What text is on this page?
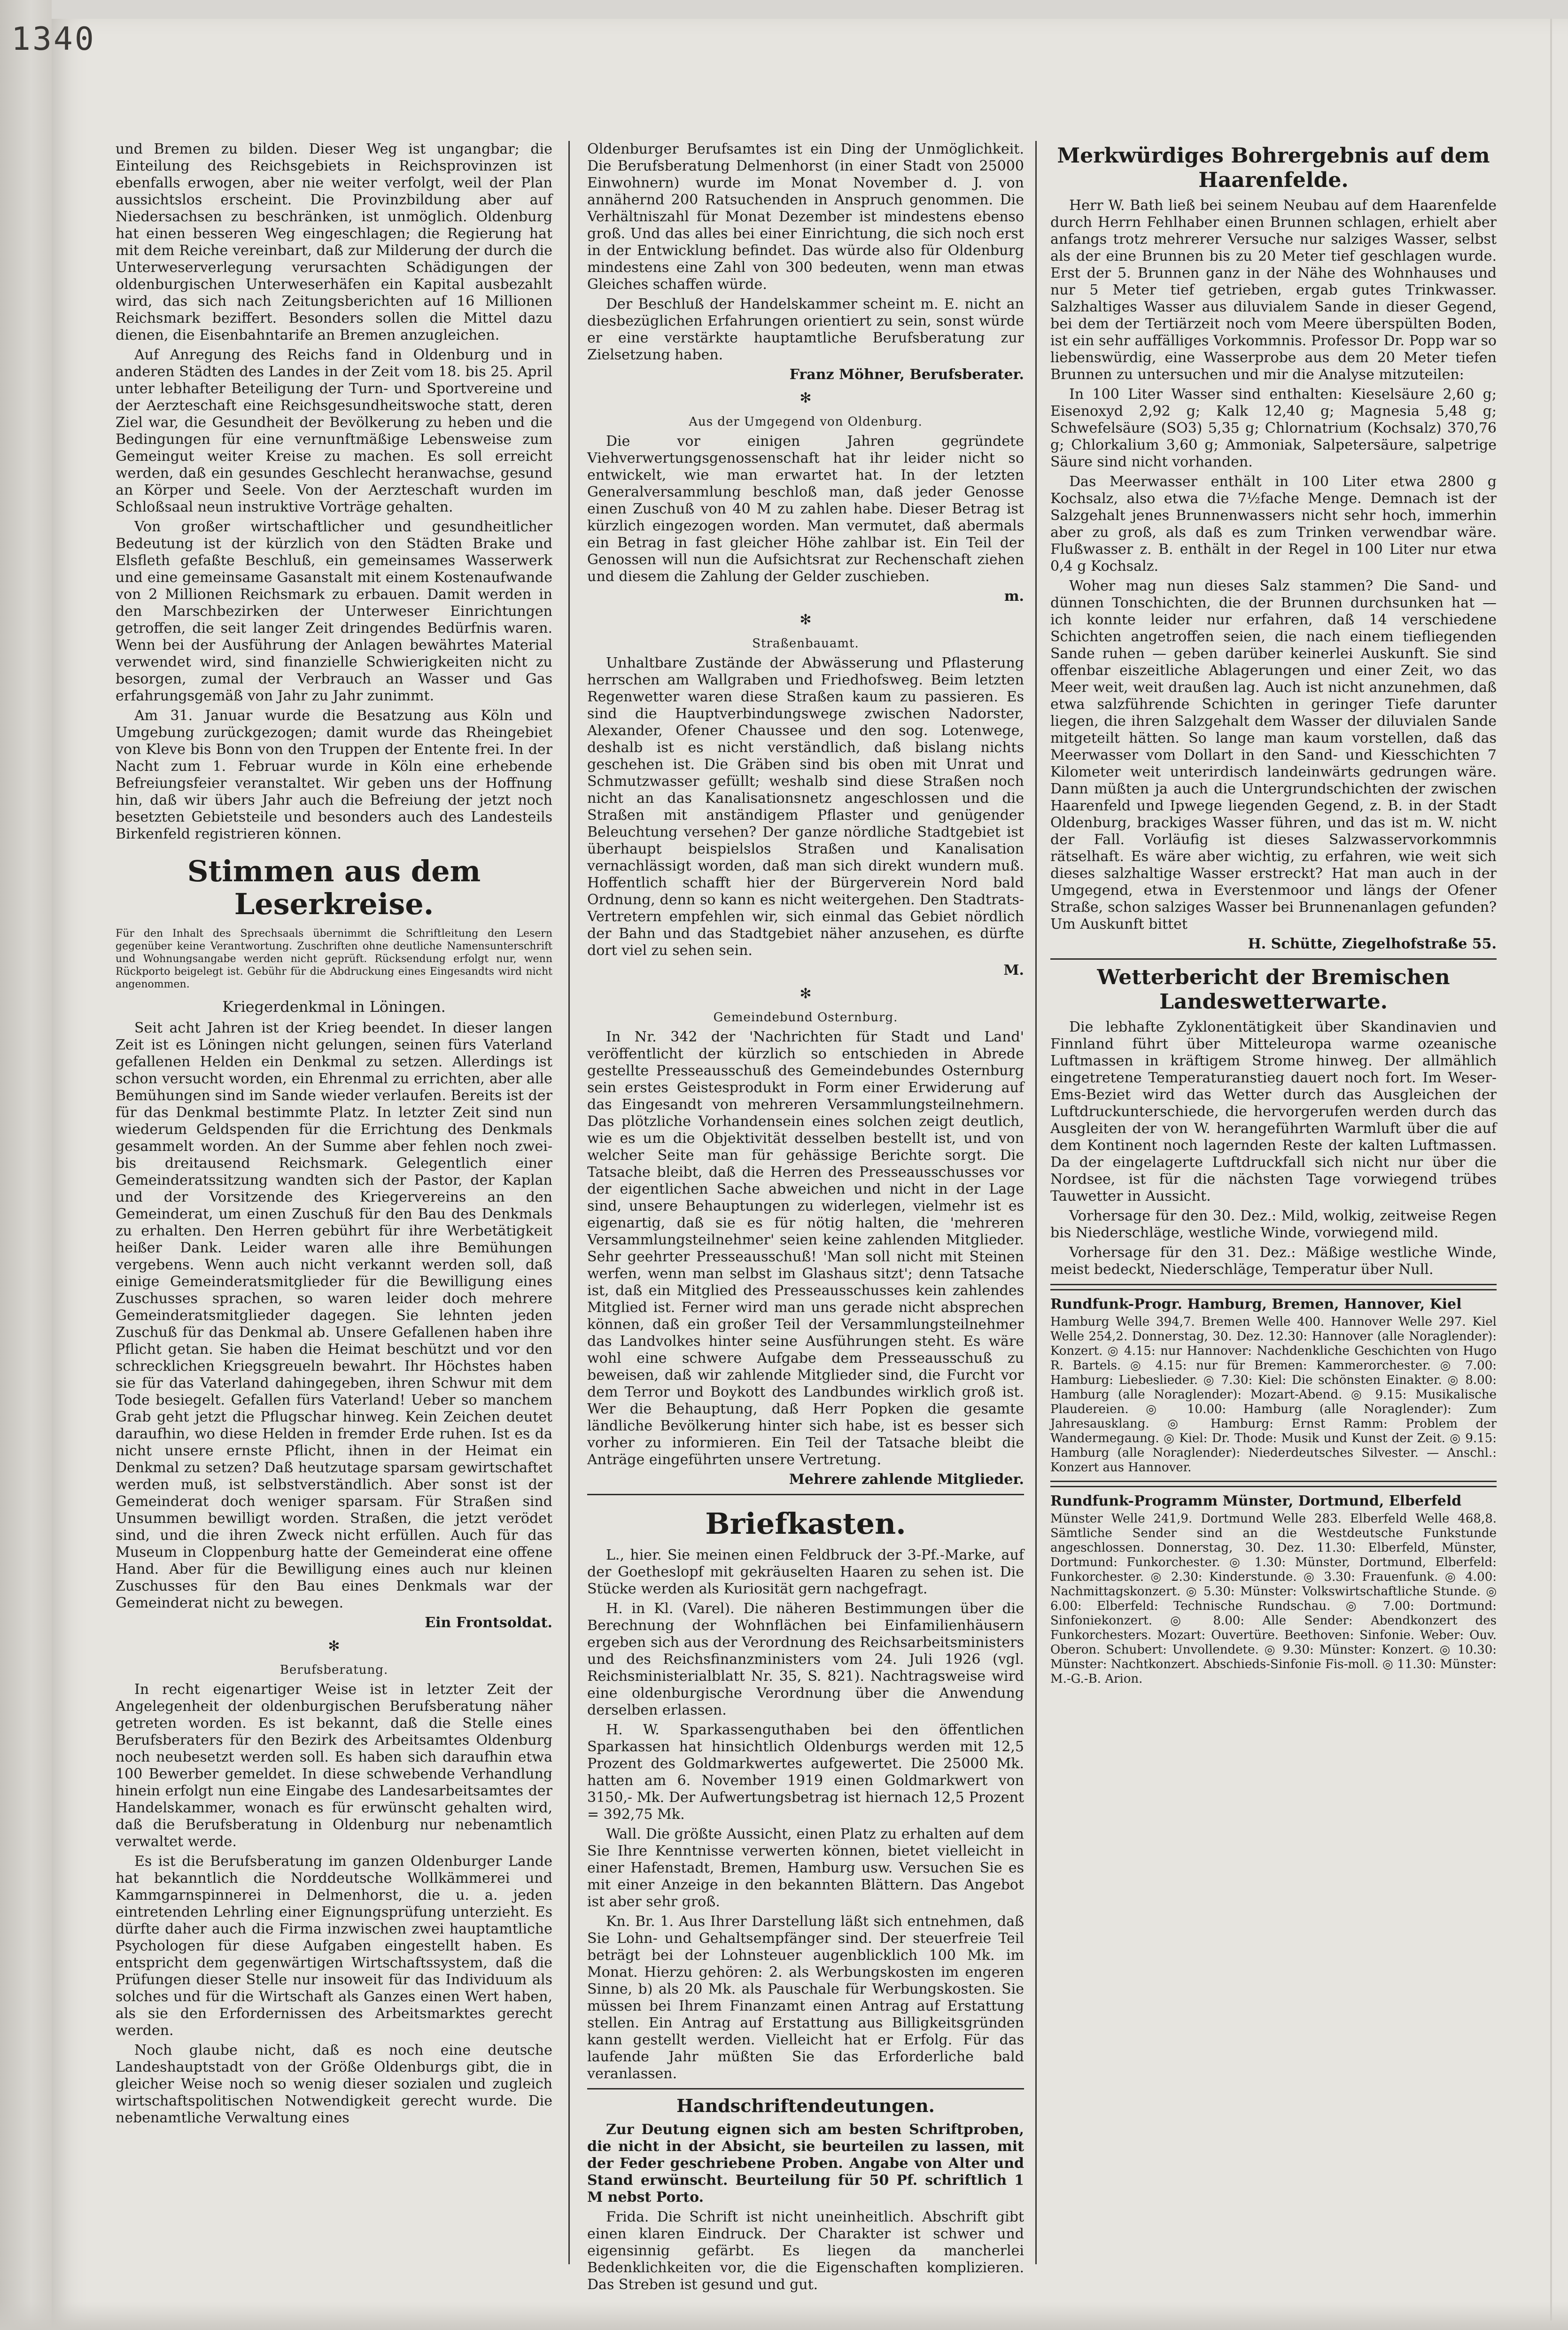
1340

und Bremen zu bilden. Dieser Weg ist ungangbar; die Einteilung des Reichsgebiets in Reichsprovinzen ist ebenfalls erwogen, aber nie weiter verfolgt, weil der Plan aussichtslos erscheint. Die Provinzbildung aber auf Niedersachsen zu beschränken, ist unmöglich. Oldenburg hat einen besseren Weg eingeschlagen; die Regierung hat mit dem Reiche vereinbart, daß zur Milderung der durch die Unterweserverlegung verursachten Schädigungen der oldenburgischen Unterweserhäfen ein Kapital ausbezahlt wird, das sich nach Zeitungsberichten auf 16 Millionen Reichsmark beziffert. Besonders sollen die Mittel dazu dienen, die Eisenbahntarife an Bremen anzugleichen.

Auf Anregung des Reichs fand in Oldenburg und in anderen Städten des Landes in der Zeit vom 18. bis 25. April unter lebhafter Beteiligung der Turn- und Sportvereine und der Aerzteschaft eine Reichsgesundheitswoche statt, deren Ziel war, die Gesundheit der Bevölkerung zu heben und die Bedingungen für eine vernunftmäßige Lebensweise zum Gemeingut weiter Kreise zu machen. Es soll erreicht werden, daß ein gesundes Geschlecht heranwachse, gesund an Körper und Seele. Von der Aerzteschaft wurden im Schloßsaal neun instruktive Vorträge gehalten.

Von großer wirtschaftlicher und gesundheitlicher Bedeutung ist der kürzlich von den Städten Brake und Elsfleth gefaßte Beschluß, ein gemeinsames Wasserwerk und eine gemeinsame Gasanstalt mit einem Kostenaufwande von 2 Millionen Reichsmark zu erbauen. Damit werden in den Marschbezirken der Unterweser Einrichtungen getroffen, die seit langer Zeit dringendes Bedürfnis waren. Wenn bei der Ausführung der Anlagen bewährtes Material verwendet wird, sind finanzielle Schwierigkeiten nicht zu besorgen, zumal der Verbrauch an Wasser und Gas erfahrungsgemäß von Jahr zu Jahr zunimmt.

Am 31. Januar wurde die Besatzung aus Köln und Umgebung zurückgezogen; damit wurde das Rheingebiet von Kleve bis Bonn von den Truppen der Entente frei. In der Nacht zum 1. Februar wurde in Köln eine erhebende Befreiungsfeier veranstaltet. Wir geben uns der Hoffnung hin, daß wir übers Jahr auch die Befreiung der jetzt noch besetzten Gebietsteile und besonders auch des Landesteils Birkenfeld registrieren können.

Stimmen aus dem Leserkreise.
Für den Inhalt des Sprechsaals übernimmt die Schriftleitung den Lesern gegenüber keine Verantwortung. Zuschriften ohne deutliche Namensunterschrift und Wohnungsangabe werden nicht geprüft. Rücksendung erfolgt nur, wenn Rückporto beigelegt ist. Gebühr für die Abdruckung eines Eingesandts wird nicht angenommen.
Kriegerdenkmal in Löningen.

Seit acht Jahren ist der Krieg beendet. In dieser langen Zeit ist es Löningen nicht gelungen, seinen fürs Vaterland gefallenen Helden ein Denkmal zu setzen. Allerdings ist schon versucht worden, ein Ehrenmal zu errichten, aber alle Bemühungen sind im Sande wieder verlaufen. Bereits ist der für das Denkmal bestimmte Platz. In letzter Zeit sind nun wiederum Geldspenden für die Errichtung des Denkmals gesammelt worden. An der Summe aber fehlen noch zwei- bis dreitausend Reichsmark. Gelegentlich einer Gemeinderatssitzung wandten sich der Pastor, der Kaplan und der Vorsitzende des Kriegervereins an den Gemeinderat, um einen Zuschuß für den Bau des Denkmals zu erhalten. Den Herren gebührt für ihre Werbetätigkeit heißer Dank. Leider waren alle ihre Bemühungen vergebens. Wenn auch nicht verkannt werden soll, daß einige Gemeinderatsmitglieder für die Bewilligung eines Zuschusses sprachen, so waren leider doch mehrere Gemeinderatsmitglieder dagegen. Sie lehnten jeden Zuschuß für das Denkmal ab. Unsere Gefallenen haben ihre Pflicht getan. Sie haben die Heimat beschützt und vor den schrecklichen Kriegsgreueln bewahrt. Ihr Höchstes haben sie für das Vaterland dahingegeben, ihren Schwur mit dem Tode besiegelt. Gefallen fürs Vaterland! Ueber so manchem Grab geht jetzt die Pflugschar hinweg. Kein Zeichen deutet daraufhin, wo diese Helden in fremder Erde ruhen. Ist es da nicht unsere ernste Pflicht, ihnen in der Heimat ein Denkmal zu setzen? Daß heutzutage sparsam gewirtschaftet werden muß, ist selbstverständlich. Aber sonst ist der Gemeinderat doch weniger sparsam. Für Straßen sind Unsummen bewilligt worden. Straßen, die jetzt verödet sind, und die ihren Zweck nicht erfüllen. Auch für das Museum in Cloppenburg hatte der Gemeinderat eine offene Hand. Aber für die Bewilligung eines auch nur kleinen Zuschusses für den Bau eines Denkmals war der Gemeinderat nicht zu bewegen.

Ein Frontsoldat.
✻
Berufsberatung.

In recht eigenartiger Weise ist in letzter Zeit der Angelegenheit der oldenburgischen Berufsberatung näher getreten worden. Es ist bekannt, daß die Stelle eines Berufsberaters für den Bezirk des Arbeitsamtes Oldenburg noch neubesetzt werden soll. Es haben sich daraufhin etwa 100 Bewerber gemeldet. In diese schwebende Verhandlung hinein erfolgt nun eine Eingabe des Landesarbeitsamtes der Handelskammer, wonach es für erwünscht gehalten wird, daß die Berufsberatung in Oldenburg nur nebenamtlich verwaltet werde.

Es ist die Berufsberatung im ganzen Oldenburger Lande hat bekanntlich die Norddeutsche Wollkämmerei und Kammgarnspinnerei in Delmenhorst, die u. a. jeden eintretenden Lehrling einer Eignungsprüfung unterzieht. Es dürfte daher auch die Firma inzwischen zwei hauptamtliche Psychologen für diese Aufgaben eingestellt haben. Es entspricht dem gegenwärtigen Wirtschaftssystem, daß die Prüfungen dieser Stelle nur insoweit für das Individuum als solches und für die Wirtschaft als Ganzes einen Wert haben, als sie den Erfordernissen des Arbeitsmarktes gerecht werden.

Noch glaube nicht, daß es noch eine deutsche Landeshauptstadt von der Größe Oldenburgs gibt, die in gleicher Weise noch so wenig dieser sozialen und zugleich wirtschaftspolitischen Notwendigkeit gerecht wurde. Die nebenamtliche Verwaltung eines

Oldenburger Berufsamtes ist ein Ding der Unmöglichkeit. Die Berufsberatung Delmenhorst (in einer Stadt von 25000 Einwohnern) wurde im Monat November d. J. von annähernd 200 Ratsuchenden in Anspruch genommen. Die Verhältniszahl für Monat Dezember ist mindestens ebenso groß. Und das alles bei einer Einrichtung, die sich noch erst in der Entwicklung befindet. Das würde also für Oldenburg mindestens eine Zahl von 300 bedeuten, wenn man etwas Gleiches schaffen würde.

Der Beschluß der Handelskammer scheint m. E. nicht an diesbezüglichen Erfahrungen orientiert zu sein, sonst würde er eine verstärkte hauptamtliche Berufsberatung zur Zielsetzung haben.

Franz Möhner, Berufsberater.
✻
Aus der Umgegend von Oldenburg.

Die vor einigen Jahren gegründete Viehverwertungsgenossenschaft hat ihr leider nicht so entwickelt, wie man erwartet hat. In der letzten Generalversammlung beschloß man, daß jeder Genosse einen Zuschuß von 40 M zu zahlen habe. Dieser Betrag ist kürzlich eingezogen worden. Man vermutet, daß abermals ein Betrag in fast gleicher Höhe zahlbar ist. Ein Teil der Genossen will nun die Aufsichtsrat zur Rechenschaft ziehen und diesem die Zahlung der Gelder zuschieben.

m.
✻
Straßenbauamt.

Unhaltbare Zustände der Abwässerung und Pflasterung herrschen am Wallgraben und Friedhofsweg. Beim letzten Regenwetter waren diese Straßen kaum zu passieren. Es sind die Hauptverbindungswege zwischen Nadorster, Alexander, Ofener Chaussee und den sog. Lotenwege, deshalb ist es nicht verständlich, daß bislang nichts geschehen ist. Die Gräben sind bis oben mit Unrat und Schmutzwasser gefüllt; weshalb sind diese Straßen noch nicht an das Kanalisationsnetz angeschlossen und die Straßen mit anständigem Pflaster und genügender Beleuchtung versehen? Der ganze nördliche Stadtgebiet ist überhaupt beispielslos Straßen und Kanalisation vernachlässigt worden, daß man sich direkt wundern muß. Hoffentlich schafft hier der Bürgerverein Nord bald Ordnung, denn so kann es nicht weitergehen. Den Stadtrats-Vertretern empfehlen wir, sich einmal das Gebiet nördlich der Bahn und das Stadtgebiet näher anzusehen, es dürfte dort viel zu sehen sein.

M.
✻
Gemeindebund Osternburg.

In Nr. 342 der 'Nachrichten für Stadt und Land' veröffentlicht der kürzlich so entschieden in Abrede gestellte Presseausschuß des Gemeindebundes Osternburg sein erstes Geistesprodukt in Form einer Erwiderung auf das Eingesandt von mehreren Versammlungsteilnehmern. Das plötzliche Vorhandensein eines solchen zeigt deutlich, wie es um die Objektivität desselben bestellt ist, und von welcher Seite man für gehässige Berichte sorgt. Die Tatsache bleibt, daß die Herren des Presseausschusses vor der eigentlichen Sache abweichen und nicht in der Lage sind, unsere Behauptungen zu widerlegen, vielmehr ist es eigenartig, daß sie es für nötig halten, die 'mehreren Versammlungsteilnehmer' seien keine zahlenden Mitglieder. Sehr geehrter Presseausschuß! 'Man soll nicht mit Steinen werfen, wenn man selbst im Glashaus sitzt'; denn Tatsache ist, daß ein Mitglied des Presseausschusses kein zahlendes Mitglied ist. Ferner wird man uns gerade nicht absprechen können, daß ein großer Teil der Versammlungsteilnehmer das Landvolkes hinter seine Ausführungen steht. Es wäre wohl eine schwere Aufgabe dem Presseausschuß zu beweisen, daß wir zahlende Mitglieder sind, die Furcht vor dem Terror und Boykott des Landbundes wirklich groß ist. Wer die Behauptung, daß Herr Popken die gesamte ländliche Bevölkerung hinter sich habe, ist es besser sich vorher zu informieren. Ein Teil der Tatsache bleibt die Anträge eingeführten unsere Vertretung.

Mehrere zahlende Mitglieder.
Briefkasten.

L., hier. Sie meinen einen Feldbruck der 3-Pf.-Marke, auf der Goetheslopf mit gekräuselten Haaren zu sehen ist. Die Stücke werden als Kuriosität gern nachgefragt.

H. in Kl. (Varel). Die näheren Bestimmungen über die Berechnung der Wohnflächen bei Einfamilienhäusern ergeben sich aus der Verordnung des Reichsarbeitsministers und des Reichsfinanzministers vom 24. Juli 1926 (vgl. Reichsministerialblatt Nr. 35, S. 821). Nachtragsweise wird eine oldenburgische Verordnung über die Anwendung derselben erlassen.

H. W. Sparkassenguthaben bei den öffentlichen Sparkassen hat hinsichtlich Oldenburgs werden mit 12,5 Prozent des Goldmarkwertes aufgewertet. Die 25000 Mk. hatten am 6. November 1919 einen Goldmarkwert von 3150,- Mk. Der Aufwertungsbetrag ist hiernach 12,5 Prozent = 392,75 Mk.

Wall. Die größte Aussicht, einen Platz zu erhalten auf dem Sie Ihre Kenntnisse verwerten können, bietet vielleicht in einer Hafenstadt, Bremen, Hamburg usw. Versuchen Sie es mit einer Anzeige in den bekannten Blättern. Das Angebot ist aber sehr groß.

Kn. Br. 1. Aus Ihrer Darstellung läßt sich entnehmen, daß Sie Lohn- und Gehaltsempfänger sind. Der steuerfreie Teil beträgt bei der Lohnsteuer augenblicklich 100 Mk. im Monat. Hierzu gehören: 2. als Werbungskosten im engeren Sinne, b) als 20 Mk. als Pauschale für Werbungskosten. Sie müssen bei Ihrem Finanzamt einen Antrag auf Erstattung stellen. Ein Antrag auf Erstattung aus Billigkeitsgründen kann gestellt werden. Vielleicht hat er Erfolg. Für das laufende Jahr müßten Sie das Erforderliche bald veranlassen.

Handschriftendeutungen.

Zur Deutung eignen sich am besten Schriftproben, die nicht in der Absicht, sie beurteilen zu lassen, mit der Feder geschriebene Proben. Angabe von Alter und Stand erwünscht. Beurteilung für 50 Pf. schriftlich 1 M nebst Porto.

Frida. Die Schrift ist nicht uneinheitlich. Abschrift gibt einen klaren Eindruck. Der Charakter ist schwer und eigensinnig gefärbt. Es liegen da mancherlei Bedenklichkeiten vor, die die Eigenschaften komplizieren. Das Streben ist gesund und gut.

Merkwürdiges Bohrergebnis auf dem Haarenfelde.

Herr W. Bath ließ bei seinem Neubau auf dem Haarenfelde durch Herrn Fehlhaber einen Brunnen schlagen, erhielt aber anfangs trotz mehrerer Versuche nur salziges Wasser, selbst als der eine Brunnen bis zu 20 Meter tief geschlagen wurde. Erst der 5. Brunnen ganz in der Nähe des Wohnhauses und nur 5 Meter tief getrieben, ergab gutes Trinkwasser. Salzhaltiges Wasser aus diluvialem Sande in dieser Gegend, bei dem der Tertiärzeit noch vom Meere überspülten Boden, ist ein sehr auffälliges Vorkommnis. Professor Dr. Popp war so liebenswürdig, eine Wasserprobe aus dem 20 Meter tiefen Brunnen zu untersuchen und mir die Analyse mitzuteilen:

In 100 Liter Wasser sind enthalten: Kieselsäure 2,60 g; Eisenoxyd 2,92 g; Kalk 12,40 g; Magnesia 5,48 g; Schwefelsäure (SO3) 5,35 g; Chlornatrium (Kochsalz) 370,76 g; Chlorkalium 3,60 g; Ammoniak, Salpetersäure, salpetrige Säure sind nicht vorhanden.

Das Meerwasser enthält in 100 Liter etwa 2800 g Kochsalz, also etwa die 7½fache Menge. Demnach ist der Salzgehalt jenes Brunnenwassers nicht sehr hoch, immerhin aber zu groß, als daß es zum Trinken verwendbar wäre. Flußwasser z. B. enthält in der Regel in 100 Liter nur etwa 0,4 g Kochsalz.

Woher mag nun dieses Salz stammen? Die Sand- und dünnen Tonschichten, die der Brunnen durchsunken hat — ich konnte leider nur erfahren, daß 14 verschiedene Schichten angetroffen seien, die nach einem tiefliegenden Sande ruhen — geben darüber keinerlei Auskunft. Sie sind offenbar eiszeitliche Ablagerungen und einer Zeit, wo das Meer weit, weit draußen lag. Auch ist nicht anzunehmen, daß etwa salzführende Schichten in geringer Tiefe darunter liegen, die ihren Salzgehalt dem Wasser der diluvialen Sande mitgeteilt hätten. So lange man kaum vorstellen, daß das Meerwasser vom Dollart in den Sand- und Kiesschichten 7 Kilometer weit unterirdisch landeinwärts gedrungen wäre. Dann müßten ja auch die Untergrundschichten der zwischen Haarenfeld und Ipwege liegenden Gegend, z. B. in der Stadt Oldenburg, brackiges Wasser führen, und das ist m. W. nicht der Fall. Vorläufig ist dieses Salzwasservorkommnis rätselhaft. Es wäre aber wichtig, zu erfahren, wie weit sich dieses salzhaltige Wasser erstreckt? Hat man auch in der Umgegend, etwa in Everstenmoor und längs der Ofener Straße, schon salziges Wasser bei Brunnenanlagen gefunden? Um Auskunft bittet

H. Schütte, Ziegelhofstraße 55.
Wetterbericht der Bremischen Landeswetterwarte.

Die lebhafte Zyklonentätigkeit über Skandinavien und Finnland führt über Mitteleuropa warme ozeanische Luftmassen in kräftigem Strome hinweg. Der allmählich eingetretene Temperaturanstieg dauert noch fort. Im Weser-Ems-Beziet wird das Wetter durch das Ausgleichen der Luftdruckunterschiede, die hervorgerufen werden durch das Ausgleiten der von W. herangeführten Warmluft über die auf dem Kontinent noch lagernden Reste der kalten Luftmassen. Da der eingelagerte Luftdruckfall sich nicht nur über die Nordsee, ist für die nächsten Tage vorwiegend trübes Tauwetter in Aussicht.

Vorhersage für den 30. Dez.: Mild, wolkig, zeitweise Regen bis Niederschläge, westliche Winde, vorwiegend mild.

Vorhersage für den 31. Dez.: Mäßige westliche Winde, meist bedeckt, Niederschläge, Temperatur über Null.

Rundfunk-Progr. Hamburg, Bremen, Hannover, Kiel

Hamburg Welle 394,7. Bremen Welle 400. Hannover Welle 297. Kiel Welle 254,2. Donnerstag, 30. Dez. 12.30: Hannover (alle Noraglender): Konzert. ◎ 4.15: nur Hannover: Nachdenkliche Geschichten von Hugo R. Bartels. ◎ 4.15: nur für Bremen: Kammerorchester. ◎ 7.00: Hamburg: Liebeslieder. ◎ 7.30: Kiel: Die schönsten Einakter. ◎ 8.00: Hamburg (alle Noraglender): Mozart-Abend. ◎ 9.15: Musikalische Plaudereien. ◎ 10.00: Hamburg (alle Noraglender): Zum Jahresausklang. ◎ Hamburg: Ernst Ramm: Problem der Wandermegaung. ◎ Kiel: Dr. Thode: Musik und Kunst der Zeit. ◎ 9.15: Hamburg (alle Noraglender): Niederdeutsches Silvester. — Anschl.: Konzert aus Hannover.

Rundfunk-Programm Münster, Dortmund, Elberfeld

Münster Welle 241,9. Dortmund Welle 283. Elberfeld Welle 468,8. Sämtliche Sender sind an die Westdeutsche Funkstunde angeschlossen. Donnerstag, 30. Dez. 11.30: Elberfeld, Münster, Dortmund: Funkorchester. ◎ 1.30: Münster, Dortmund, Elberfeld: Funkorchester. ◎ 2.30: Kinderstunde. ◎ 3.30: Frauenfunk. ◎ 4.00: Nachmittagskonzert. ◎ 5.30: Münster: Volkswirtschaftliche Stunde. ◎ 6.00: Elberfeld: Technische Rundschau. ◎ 7.00: Dortmund: Sinfoniekonzert. ◎ 8.00: Alle Sender: Abendkonzert des Funkorchesters. Mozart: Ouvertüre. Beethoven: Sinfonie. Weber: Ouv. Oberon. Schubert: Unvollendete. ◎ 9.30: Münster: Konzert. ◎ 10.30: Münster: Nachtkonzert. Abschieds-Sinfonie Fis-moll. ◎ 11.30: Münster: M.-G.-B. Arion.
